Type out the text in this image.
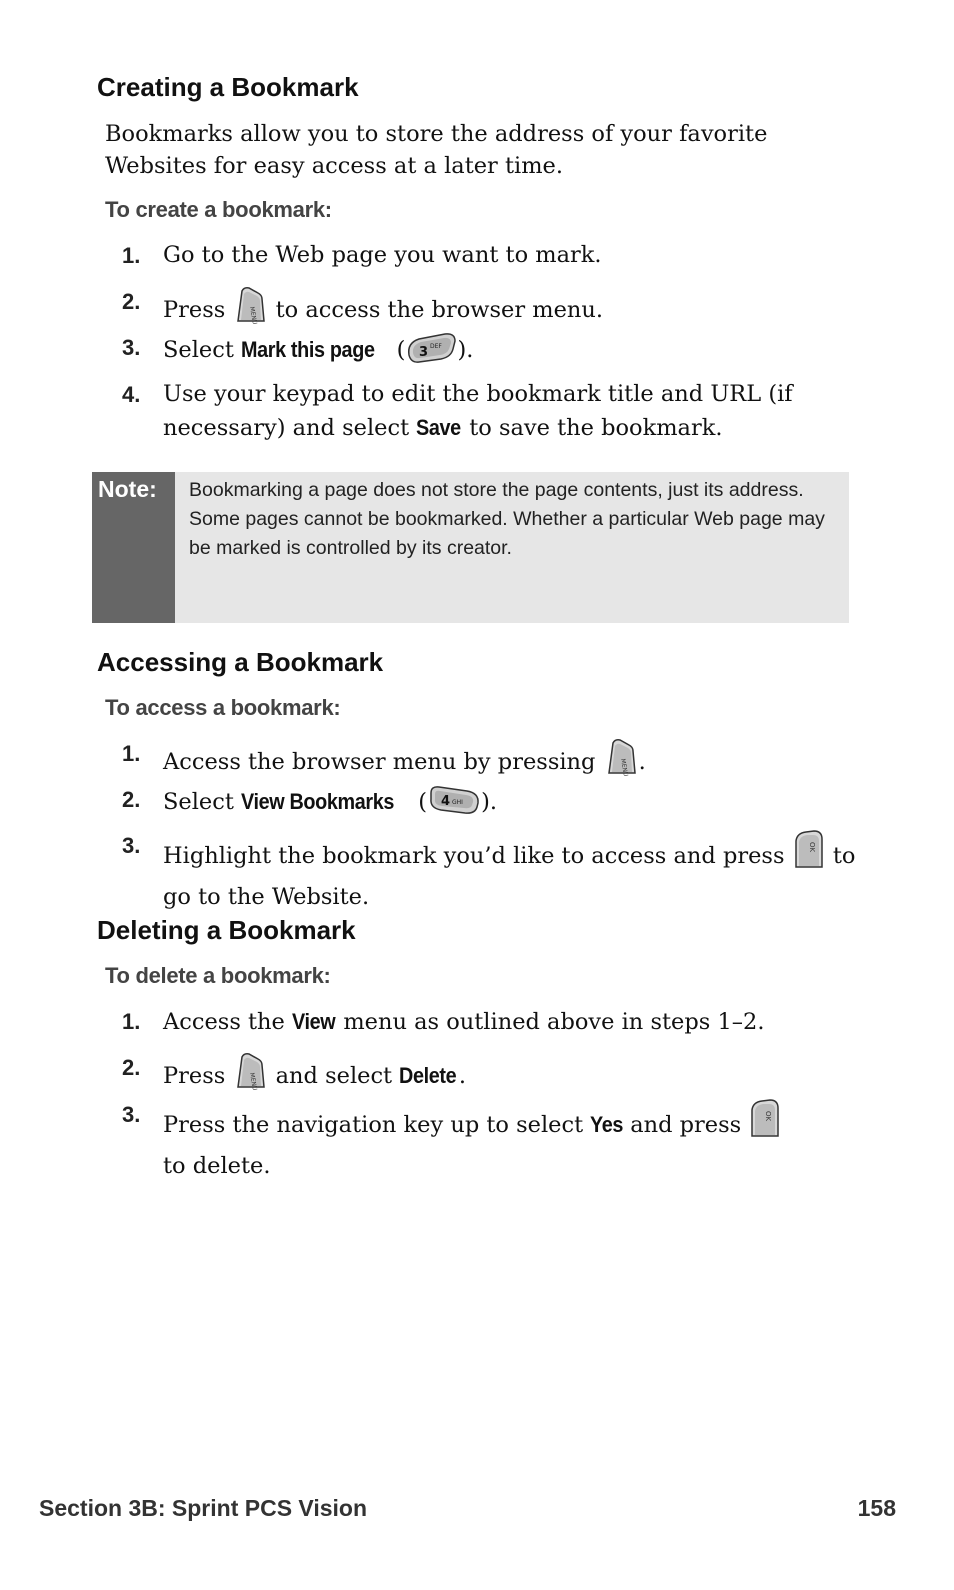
Creating a Bookmark

Bookmarks allow you to store the address of your favorite Websites for easy access at a later time.

To create a bookmark:

1. Go to the Web page you want to mark.
2. Press	MENU to access the browser menu.
3. Select Mark this page ( 3 DEF ).
4. Use your keypad to edit the bookmark title and URL (if necessary) and select Save to save the bookmark.
Note: Bookmarking a page does not store the page contents, just its address.
Some pages cannot be bookmarked. Whether a particular Web page may be marked is controlled by its creator.
Accessing a Bookmark

To access a bookmark:

1. Access the browser menu by pressing	MENU .
2. Select View Bookmarks ( 4 GHI ).
3. Highlight the bookmark you’d like to access and press	OK to go to the Website.
Deleting a Bookmark

To delete a bookmark:

1. Access the View menu as outlined above in steps 1–2.
2. Press	MENU and select Delete .
3. Press the navigation key up to select Yes and press	OK

to delete.
Section 3B: Sprint PCS Vision	158
